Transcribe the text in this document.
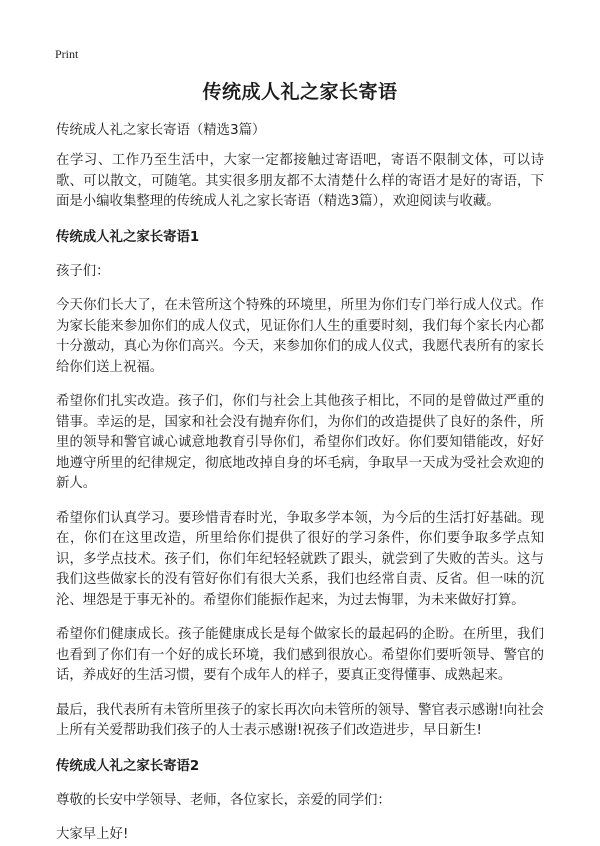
Print
传统成人礼之家长寄语
传统成人礼之家长寄语（精选3篇）

在学习、工作乃至生活中，大家一定都接触过寄语吧，寄语不限制文体，可以诗歌、可以散文，可随笔。其实很多朋友都不太清楚什么样的寄语才是好的寄语，下面是小编收集整理的传统成人礼之家长寄语（精选3篇），欢迎阅读与收藏。

传统成人礼之家长寄语1

孩子们：

今天你们长大了，在未管所这个特殊的环境里，所里为你们专门举行成人仪式。作为家长能来参加你们的成人仪式，见证你们人生的重要时刻，我们每个家长内心都十分激动，真心为你们高兴。今天，来参加你们的成人仪式，我愿代表所有的家长给你们送上祝福。

希望你们扎实改造。孩子们，你们与社会上其他孩子相比，不同的是曾做过严重的错事。幸运的是，国家和社会没有抛弃你们，为你们的改造提供了良好的条件，所里的领导和警官诚心诚意地教育引导你们，希望你们改好。你们要知错能改，好好地遵守所里的纪律规定，彻底地改掉自身的坏毛病，争取早一天成为受社会欢迎的新人。

希望你们认真学习。要珍惜青春时光，争取多学本领，为今后的生活打好基础。现在，你们在这里改造，所里给你们提供了很好的学习条件，你们要争取多学点知识，多学点技术。孩子们，你们年纪轻轻就跌了跟头，就尝到了失败的苦头。这与我们这些做家长的没有管好你们有很大关系，我们也经常自责、反省。但一味的沉沦、埋怨是于事无补的。希望你们能振作起来，为过去悔罪，为未来做好打算。

希望你们健康成长。孩子能健康成长是每个做家长的最起码的企盼。在所里，我们也看到了你们有一个好的成长环境，我们感到很放心。希望你们要听领导、警官的话，养成好的生活习惯，要有个成年人的样子，要真正变得懂事、成熟起来。

最后，我代表所有未管所里孩子的家长再次向未管所的领导、警官表示感谢!向社会上所有关爱帮助我们孩子的人士表示感谢!祝孩子们改造进步，早日新生!

传统成人礼之家长寄语2

尊敬的长安中学领导、老师，各位家长，亲爱的同学们：

大家早上好!
